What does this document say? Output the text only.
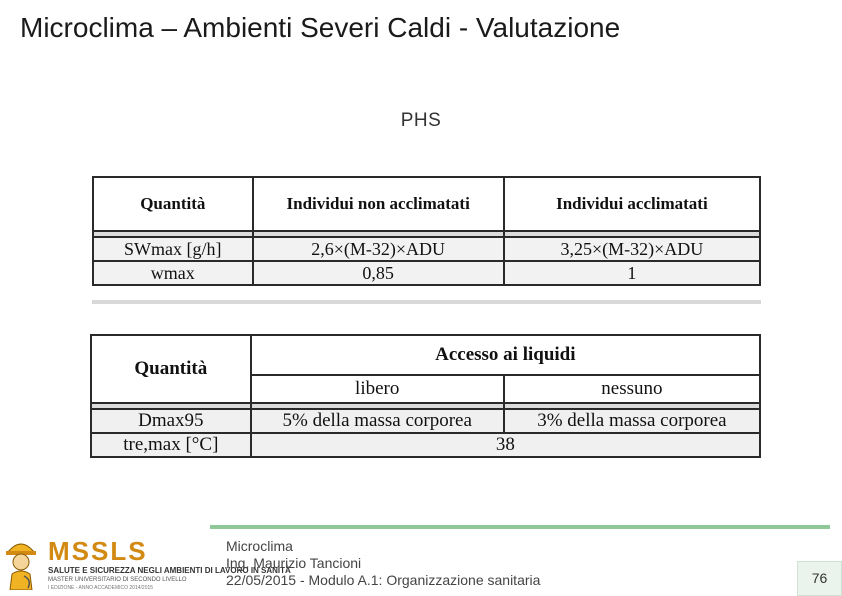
Microclima – Ambienti Severi Caldi - Valutazione
PHS
Quantità	Individui non acclimatati	Individui acclimatati

SWmax [g/h]	2,6×(M-32)×ADU	3,25×(M-32)×ADU
wmax	0,85	1
Quantità	Accesso ai liquidi	
	libero	nessuno

Dmax95	5% della massa corporea	3% della massa corporea
tre,max [°C]	38	
MSSLS
SALUTE E SICUREZZA NEGLI AMBIENTI DI LAVORO IN SANITÀ
MASTER UNIVERSITARIO DI SECONDO LIVELLO
I EDIZIONE - ANNO ACCADEMICO 2014/2015
Microclima
Ing. Maurizio Tancioni
22/05/2015 - Modulo A.1: Organizzazione sanitaria	76
